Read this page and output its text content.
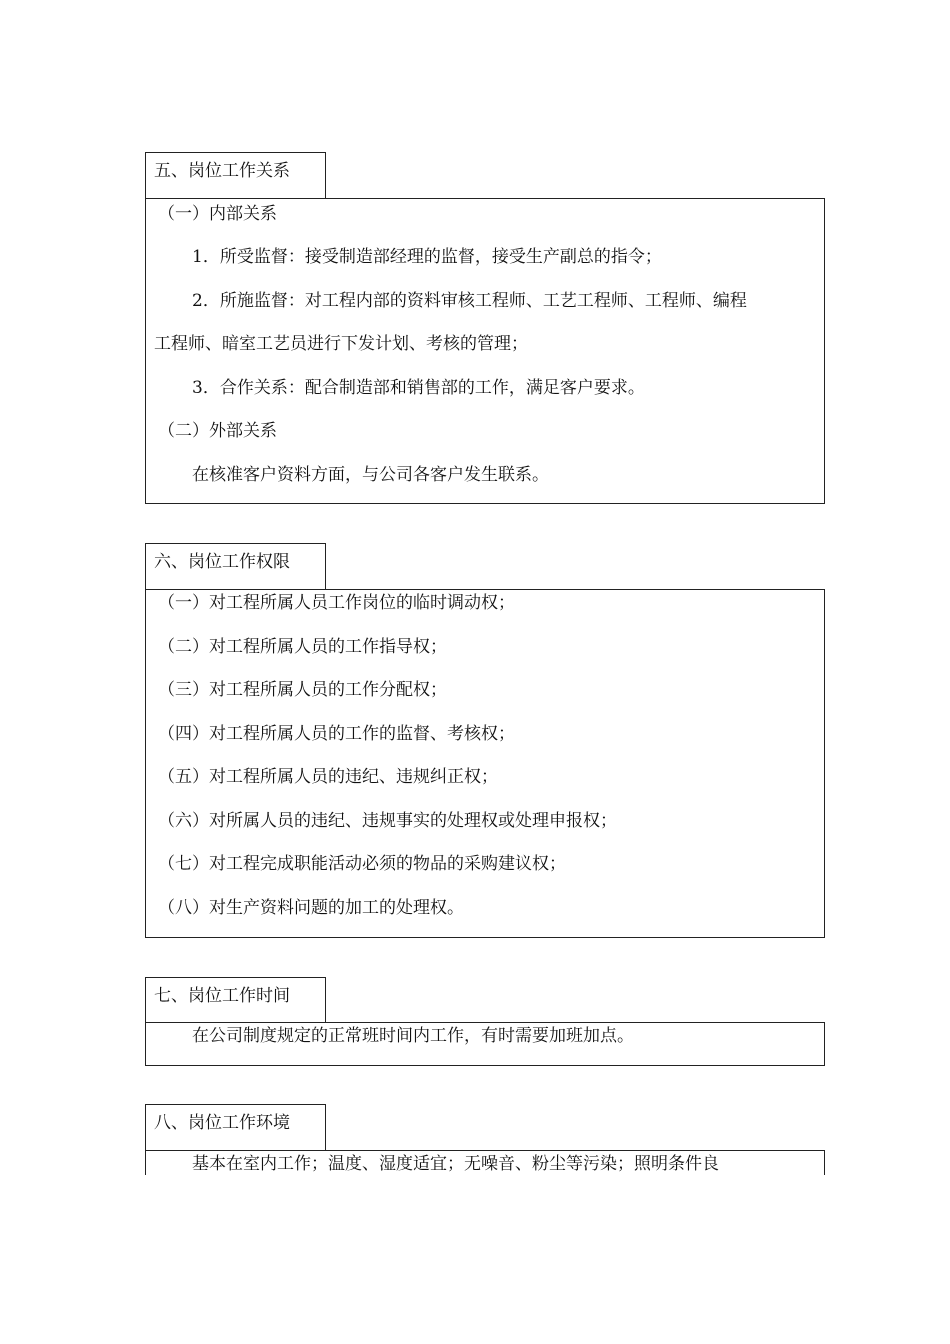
五、岗位工作关系
（一）内部关系
1．所受监督：接受制造部经理的监督，接受生产副总的指令；
2．所施监督：对工程内部的资料审核工程师、工艺工程师、工程师、编程
工程师、暗室工艺员进行下发计划、考核的管理；
3．合作关系：配合制造部和销售部的工作，满足客户要求。
（二）外部关系
在核准客户资料方面，与公司各客户发生联系。
六、岗位工作权限
（一）对工程所属人员工作岗位的临时调动权；
（二）对工程所属人员的工作指导权；
（三）对工程所属人员的工作分配权；
（四）对工程所属人员的工作的监督、考核权；
（五）对工程所属人员的违纪、违规纠正权；
（六）对所属人员的违纪、违规事实的处理权或处理申报权；
（七）对工程完成职能活动必须的物品的采购建议权；
（八）对生产资料问题的加工的处理权。
七、岗位工作时间
在公司制度规定的正常班时间内工作，有时需要加班加点。
八、岗位工作环境
基本在室内工作；温度、湿度适宜；无噪音、粉尘等污染；照明条件良
